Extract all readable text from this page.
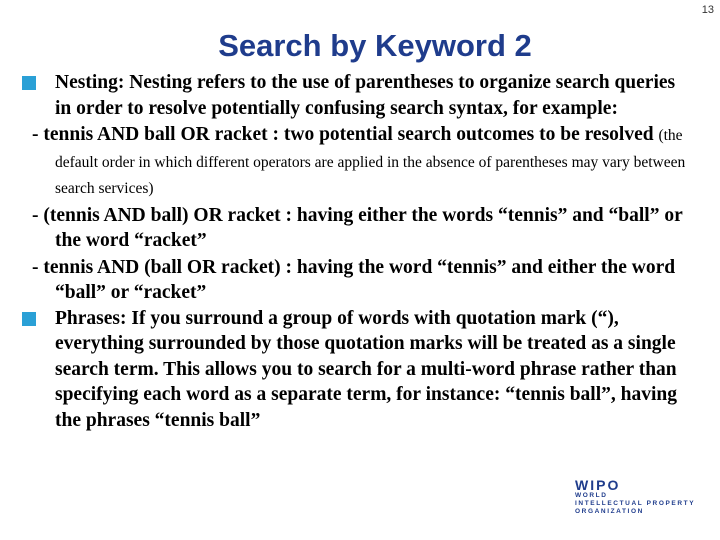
13
Search by Keyword 2
Nesting: Nesting refers to the use of parentheses to organize search queries in order to resolve potentially confusing search syntax, for example:
- tennis AND ball OR racket : two potential search outcomes to be resolved (the default order in which different operators are applied in the absence of parentheses may vary between search services)
- (tennis AND ball) OR racket : having either the words “tennis” and “ball” or the word “racket”
- tennis AND (ball OR racket) : having the word “tennis” and either the word “ball” or “racket”
Phrases: If you surround a group of words with quotation mark (“), everything surrounded by those quotation marks will be treated as a single search term. This allows you to search for a multi-word phrase rather than specifying each word as a separate term, for instance: “tennis ball”, having the phrases “tennis ball”
WIPO
WORLD
INTELLECTUAL PROPERTY
ORGANIZATION
